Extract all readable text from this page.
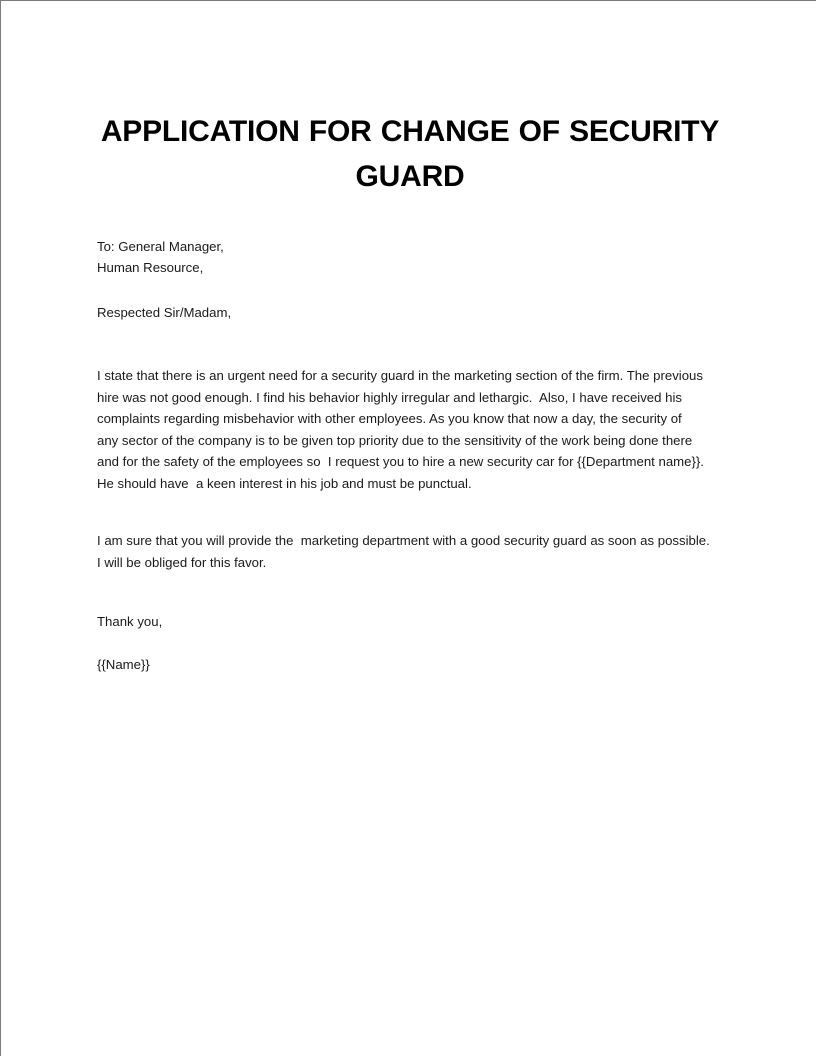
APPLICATION FOR CHANGE OF SECURITY
GUARD
To: General Manager,
Human Resource,
Respected Sir/Madam,
I state that there is an urgent need for a security guard in the marketing section of the firm. The previous
hire was not good enough. I find his behavior highly irregular and lethargic.  Also, I have received his
complaints regarding misbehavior with other employees. As you know that now a day, the security of
any sector of the company is to be given top priority due to the sensitivity of the work being done there
and for the safety of the employees so  I request you to hire a new security car for {{Department name}}.
He should have  a keen interest in his job and must be punctual.
I am sure that you will provide the  marketing department with a good security guard as soon as possible.
I will be obliged for this favor.
Thank you,
{{Name}}
